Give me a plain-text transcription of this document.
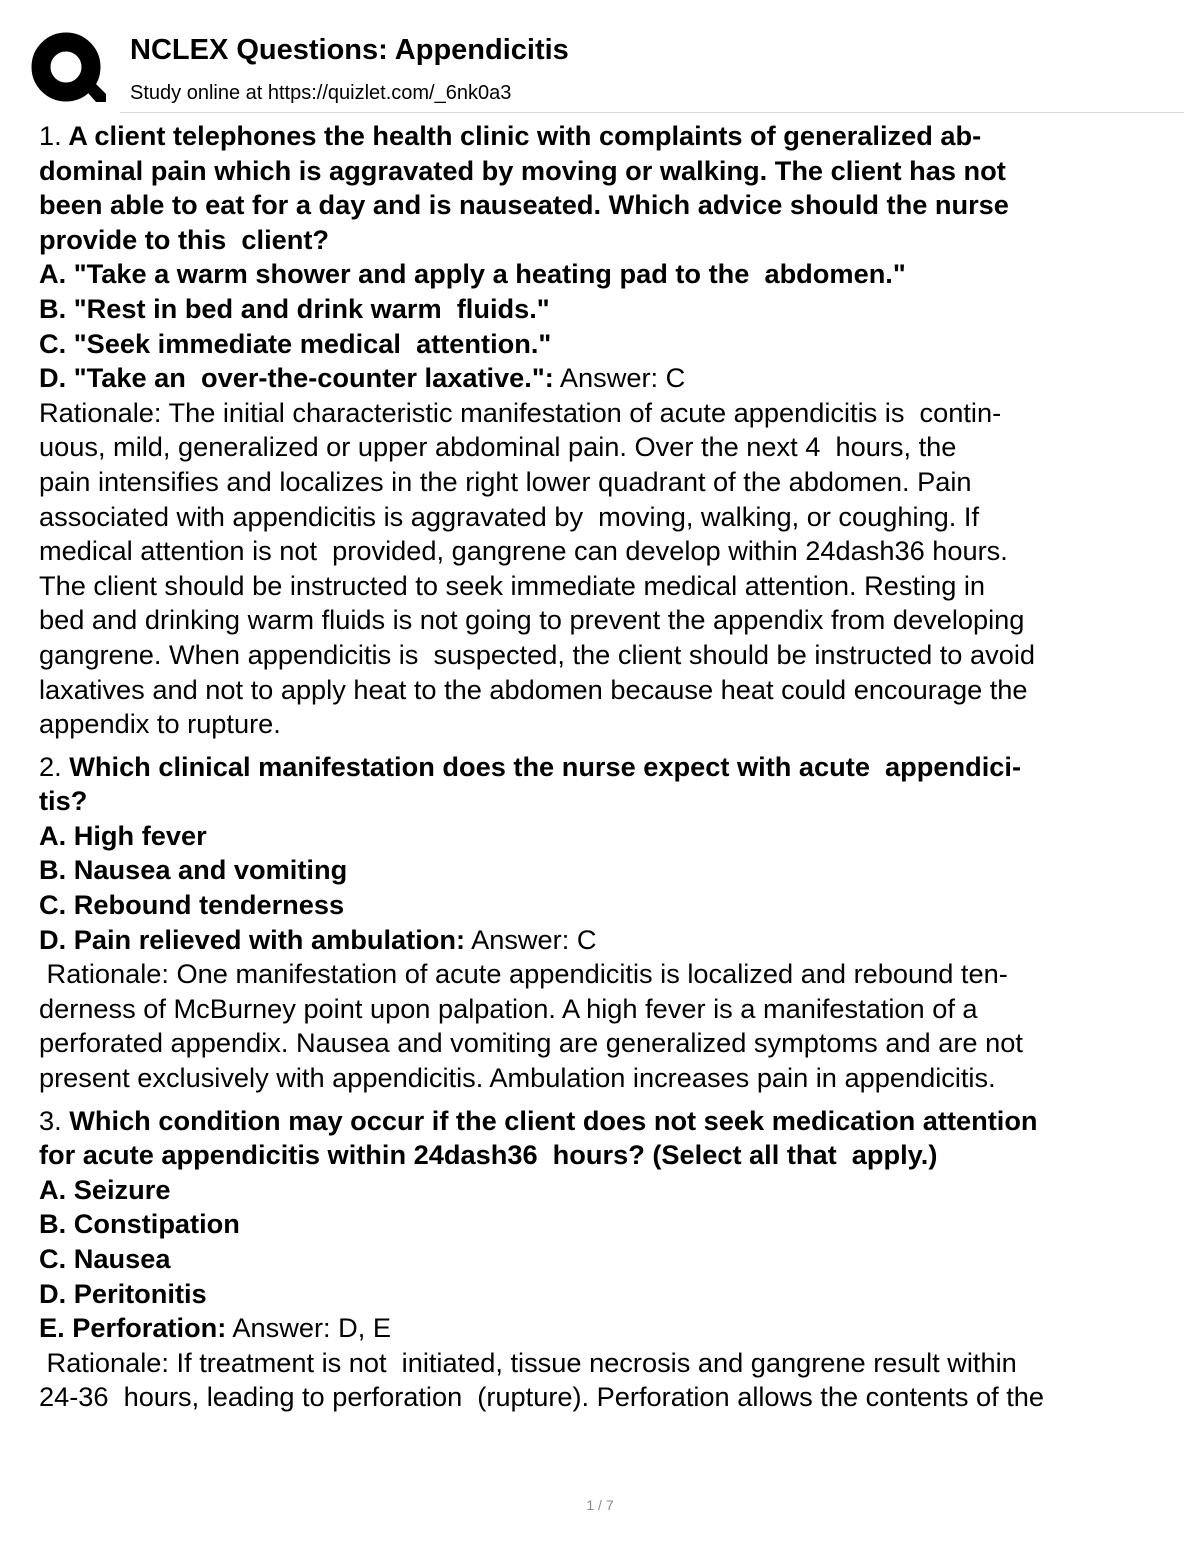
NCLEX Questions: Appendicitis
Study online at https://quizlet.com/_6nk0a3
1. A client telephones the health clinic with complaints of generalized ab-
dominal pain which is aggravated by moving or walking. The client has not
been able to eat for a day and is nauseated. Which advice should the nurse
provide to this  client?
A. "Take a warm shower and apply a heating pad to the  abdomen."
B. "Rest in bed and drink warm  fluids."
C. "Seek immediate medical  attention."
D. "Take an  over-the-counter laxative.": Answer: C
Rationale: The initial characteristic manifestation of acute appendicitis is  contin-
uous, mild, generalized or upper abdominal pain. Over the next 4  hours, the
pain intensifies and localizes in the right lower quadrant of the abdomen. Pain
associated with appendicitis is aggravated by  moving, walking, or coughing. If
medical attention is not  provided, gangrene can develop within 24dash36 hours.
The client should be instructed to seek immediate medical attention. Resting in
bed and drinking warm fluids is not going to prevent the appendix from developing
gangrene. When appendicitis is  suspected, the client should be instructed to avoid
laxatives and not to apply heat to the abdomen because heat could encourage the
appendix to rupture.
2. Which clinical manifestation does the nurse expect with acute  appendici-
tis?
A. High fever
B. Nausea and vomiting
C. Rebound tenderness
D. Pain relieved with ambulation: Answer: C
Rationale: One manifestation of acute appendicitis is localized and rebound ten-
derness of McBurney point upon palpation. A high fever is a manifestation of a
perforated appendix. Nausea and vomiting are generalized symptoms and are not
present exclusively with appendicitis. Ambulation increases pain in appendicitis.
3. Which condition may occur if the client does not seek medication attention
for acute appendicitis within 24dash36  hours? (Select all that  apply.)
A. Seizure
B. Constipation
C. Nausea
D. Peritonitis
E. Perforation: Answer: D, E
Rationale: If treatment is not  initiated, tissue necrosis and gangrene result within
24-36  hours, leading to perforation  (rupture). Perforation allows the contents of the
1 / 7
